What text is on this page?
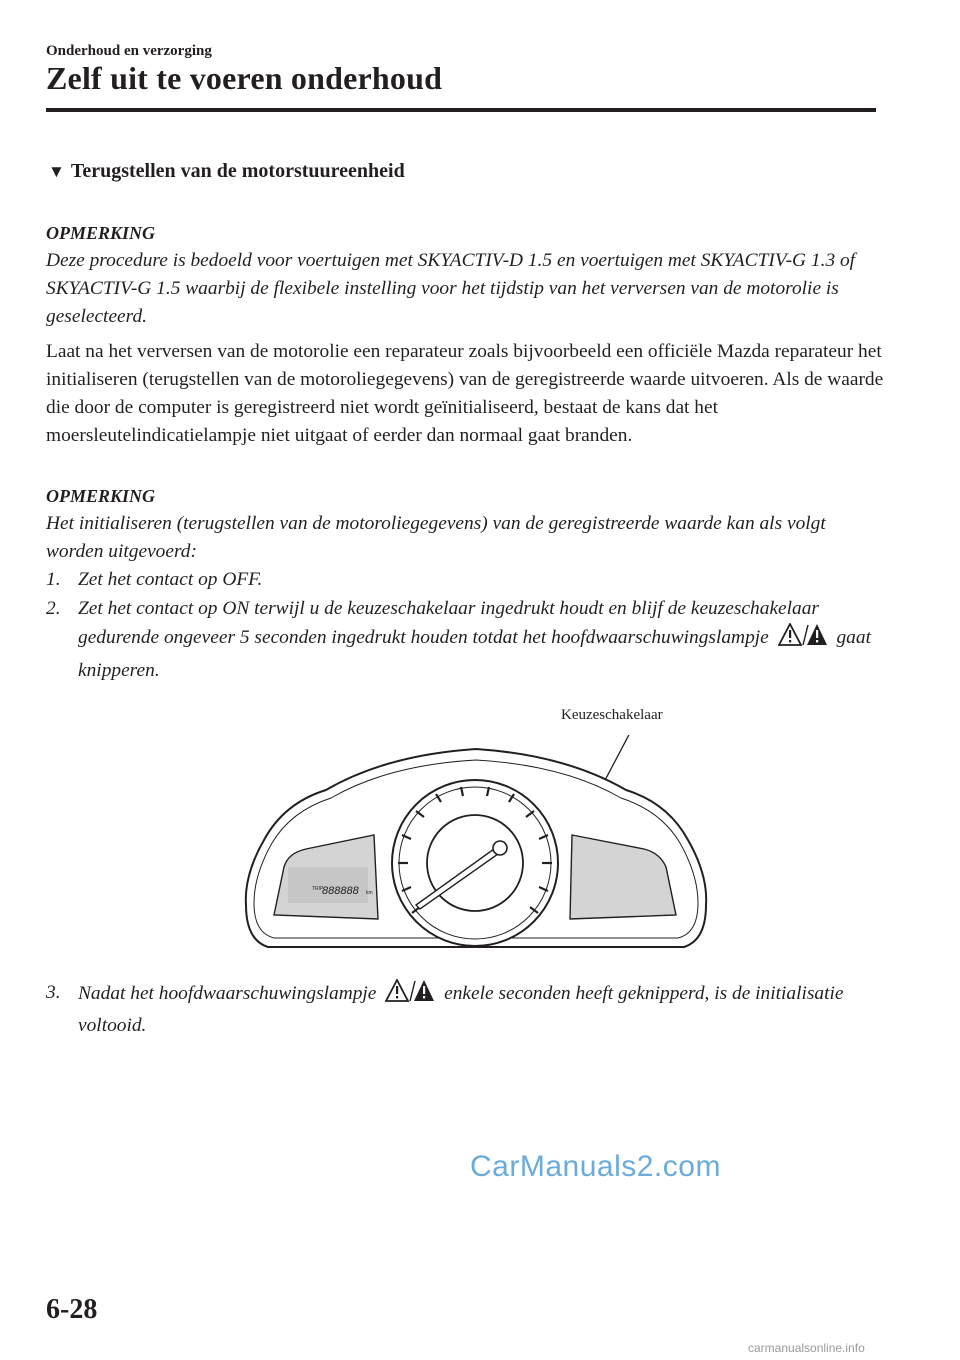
Onderhoud en verzorging
Zelf uit te voeren onderhoud
▼ Terugstellen van de motorstuureenheid
OPMERKING
Deze procedure is bedoeld voor voertuigen met SKYACTIV-D 1.5 en voertuigen met SKYACTIV-G 1.3 of SKYACTIV-G 1.5 waarbij de flexibele instelling voor het tijdstip van het verversen van de motorolie is geselecteerd.
Laat na het verversen van de motorolie een reparateur zoals bijvoorbeeld een officiële Mazda reparateur het initialiseren (terugstellen van de motoroliegegevens) van de geregistreerde waarde uitvoeren. Als de waarde die door de computer is geregistreerd niet wordt geïnitialiseerd, bestaat de kans dat het moersleutelindicatielampje niet uitgaat of eerder dan normaal gaat branden.
OPMERKING
Het initialiseren (terugstellen van de motoroliegegevens) van de geregistreerde waarde kan als volgt worden uitgevoerd:
1. Zet het contact op OFF.
2. Zet het contact op ON terwijl u de keuzeschakelaar ingedrukt houdt en blijf de keuzeschakelaar gedurende ongeveer 5 seconden ingedrukt houden totdat het hoofdwaarschuwingslampje	gaat knipperen.
Keuzeschakelaar
TRIP
888888 km
3. Nadat het hoofdwaarschuwingslampje	enkele seconden heeft geknipperd, is de initialisatie voltooid.
CarManuals2.com
6-28
carmanualsonline.info
